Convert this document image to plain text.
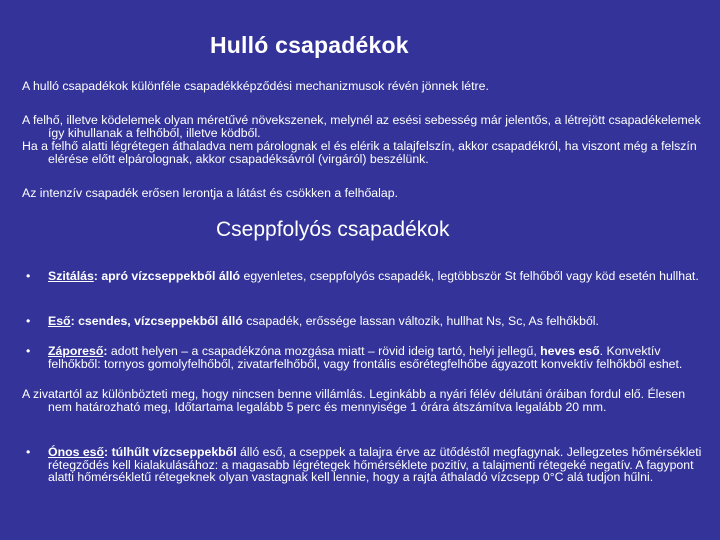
Hulló csapadékok

A hulló csapadékok különféle csapadékképződési mechanizmusok révén jönnek létre.

A felhő, illetve ködelemek olyan méretűvé növekszenek, melynél az esési sebesség már jelentős, a létrejött csapadékelemek így kihullanak a felhőből, illetve ködből.

Ha a felhő alatti légrétegen áthaladva nem párolognak el és elérik a talajfelszín, akkor csapadékról, ha viszont még a felszín elérése előtt elpárolognak, akkor csapadéksávról (virgáról) beszélünk.

Az intenzív csapadék erősen lerontja a látást és csökken a felhőalap.

Cseppfolyós csapadékok
• Szitálás: apró vízcseppekből álló egyenletes, cseppfolyós csapadék, legtöbbször St felhőből vagy köd esetén hullhat.
• Eső: csendes, vízcseppekből álló csapadék, erőssége lassan változik, hullhat Ns, Sc, As felhőkből.
• Záporeső: adott helyen – a csapadékzóna mozgása miatt – rövid ideig tartó, helyi jellegű, heves eső. Konvektív felhőkből: tornyos gomolyfelhőből, zivatarfelhőből, vagy frontális esőrétegfelhőbe ágyazott konvektív felhőkből eshet.

A zivatartól az különbözteti meg, hogy nincsen benne villámlás. Leginkább a nyári félév délutáni óráiban fordul elő. Élesen nem határozható meg, Időtartama legalább 5 perc és mennyisége 1 órára átszámítva legalább 20 mm.

• Ónos eső: túlhűlt vízcseppekből álló eső, a cseppek a talajra érve az ütődéstől megfagynak. Jellegzetes hőmérsékleti rétegződés kell kialakulásához: a magasabb légrétegek hőmérséklete pozitív, a talajmenti rétegeké negatív. A fagypont alatti hőmérsékletű rétegeknek olyan vastagnak kell lennie, hogy a rajta áthaladó vízcsepp 0°C alá tudjon hűlni.
